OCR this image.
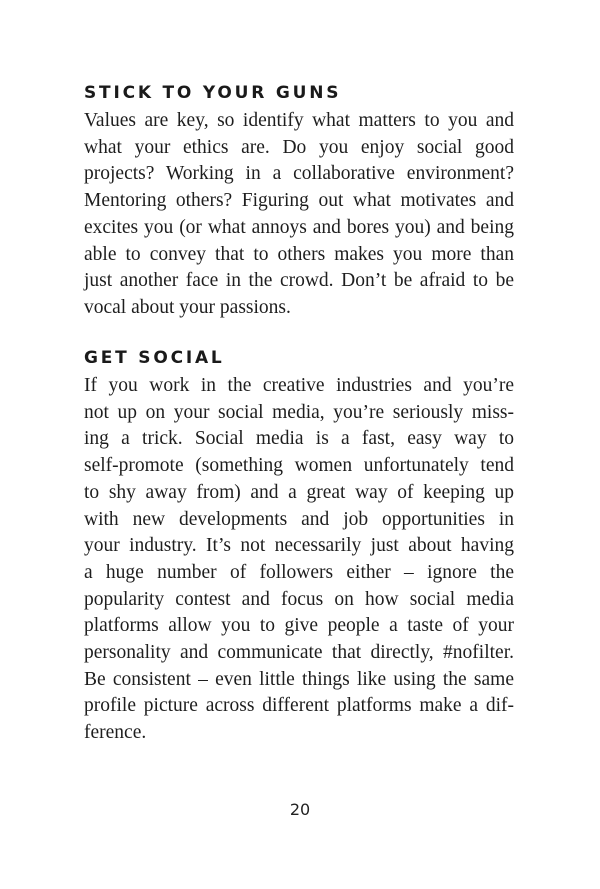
STICK TO YOUR GUNS

Values are key, so identify what matters to you and

what your ethics are. Do you enjoy social good

projects? Working in a collaborative environment?

Mentoring others? Figuring out what motivates and

excites you (or what annoys and bores you) and being

able to convey that to others makes you more than

just another face in the crowd. Don’t be afraid to be

vocal about your passions.

GET SOCIAL

If you work in the creative industries and you’re

not up on your social media, you’re seriously miss-

ing a trick. Social media is a fast, easy way to

self-promote (something women unfortunately tend

to shy away from) and a great way of keeping up

with new developments and job opportunities in

your industry. It’s not necessarily just about having

a huge number of followers either – ignore the

popularity contest and focus on how social media

platforms allow you to give people a taste of your

personality and communicate that directly, #nofilter.

Be consistent – even little things like using the same

profile picture across different platforms make a dif-

ference.

20
